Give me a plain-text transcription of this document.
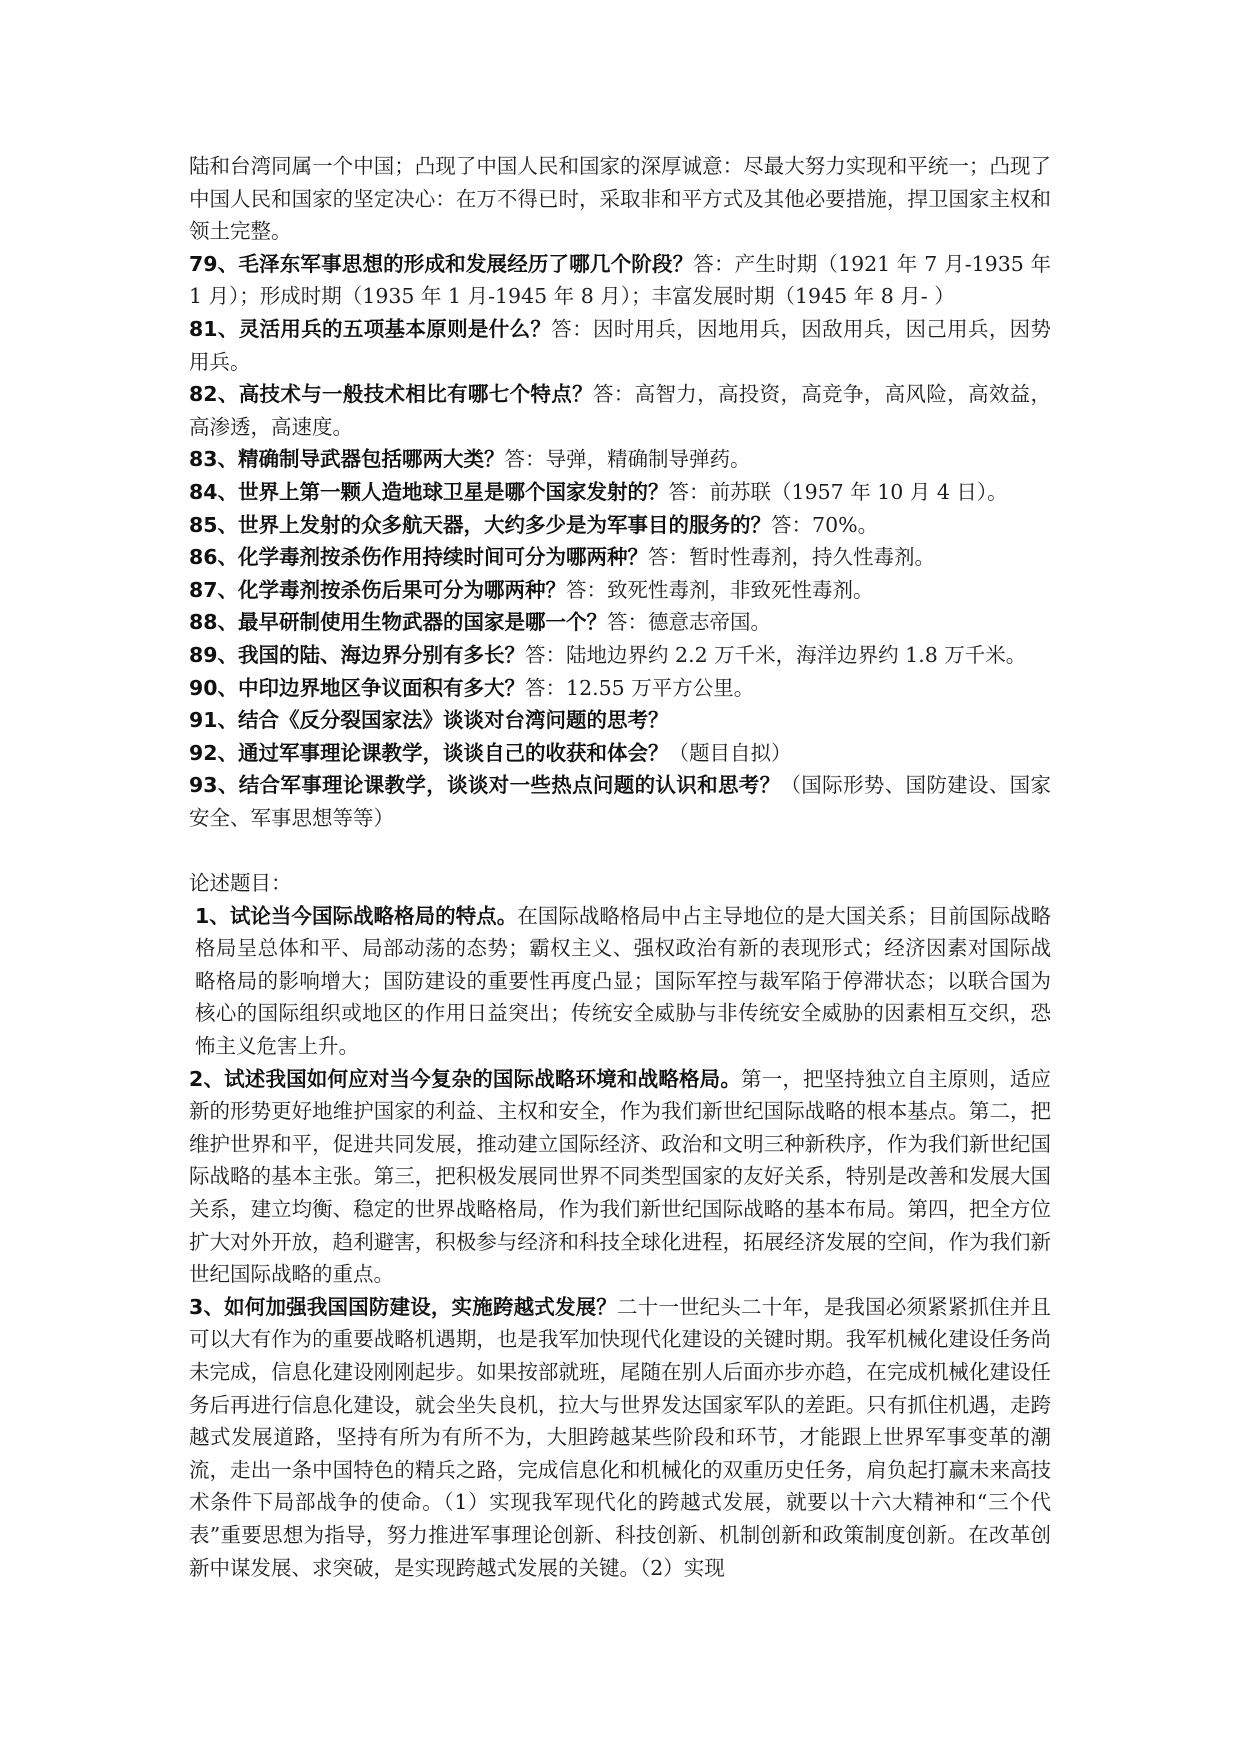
陆和台湾同属一个中国；凸现了中国人民和国家的深厚诚意：尽最大努力实现和平统一；凸现了中国人民和国家的坚定决心：在万不得已时，采取非和平方式及其他必要措施，捍卫国家主权和领土完整。

79、毛泽东军事思想的形成和发展经历了哪几个阶段？答：产生时期（1921 年 7 月-1935 年 1 月）；形成时期（1935 年 1 月-1945 年 8 月）；丰富发展时期（1945 年 8 月- ）

81、灵活用兵的五项基本原则是什么？答：因时用兵，因地用兵，因敌用兵，因己用兵，因势用兵。

82、高技术与一般技术相比有哪七个特点？答：高智力，高投资，高竞争，高风险，高效益，高渗透，高速度。

83、精确制导武器包括哪两大类？答：导弹，精确制导弹药。

84、世界上第一颗人造地球卫星是哪个国家发射的？答：前苏联（1957 年 10 月 4 日）。

85、世界上发射的众多航天器，大约多少是为军事目的服务的？答：70%。

86、化学毒剂按杀伤作用持续时间可分为哪两种？答：暂时性毒剂，持久性毒剂。

87、化学毒剂按杀伤后果可分为哪两种？答：致死性毒剂，非致死性毒剂。

88、最早研制使用生物武器的国家是哪一个？答：德意志帝国。

89、我国的陆、海边界分别有多长？答：陆地边界约 2.2 万千米，海洋边界约 1.8 万千米。

90、中印边界地区争议面积有多大？答：12.55 万平方公里。

91、结合《反分裂国家法》谈谈对台湾问题的思考？

92、通过军事理论课教学，谈谈自己的收获和体会？（题目自拟）

93、结合军事理论课教学，谈谈对一些热点问题的认识和思考？（国际形势、国防建设、国家安全、军事思想等等）

论述题目：

1、试论当今国际战略格局的特点。在国际战略格局中占主导地位的是大国关系；目前国际战略格局呈总体和平、局部动荡的态势；霸权主义、强权政治有新的表现形式；经济因素对国际战略格局的影响增大；国防建设的重要性再度凸显；国际军控与裁军陷于停滞状态；以联合国为核心的国际组织或地区的作用日益突出；传统安全威胁与非传统安全威胁的因素相互交织，恐怖主义危害上升。

2、试述我国如何应对当今复杂的国际战略环境和战略格局。第一，把坚持独立自主原则，适应新的形势更好地维护国家的利益、主权和安全，作为我们新世纪国际战略的根本基点。第二，把维护世界和平，促进共同发展，推动建立国际经济、政治和文明三种新秩序，作为我们新世纪国际战略的基本主张。第三，把积极发展同世界不同类型国家的友好关系，特别是改善和发展大国关系，建立均衡、稳定的世界战略格局，作为我们新世纪国际战略的基本布局。第四，把全方位扩大对外开放，趋利避害，积极参与经济和科技全球化进程，拓展经济发展的空间，作为我们新世纪国际战略的重点。

3、如何加强我国国防建设，实施跨越式发展？二十一世纪头二十年，是我国必须紧紧抓住并且可以大有作为的重要战略机遇期，也是我军加快现代化建设的关键时期。我军机械化建设任务尚未完成，信息化建设刚刚起步。如果按部就班，尾随在别人后面亦步亦趋，在完成机械化建设任务后再进行信息化建设，就会坐失良机，拉大与世界发达国家军队的差距。只有抓住机遇，走跨越式发展道路，坚持有所为有所不为，大胆跨越某些阶段和环节，才能跟上世界军事变革的潮流，走出一条中国特色的精兵之路，完成信息化和机械化的双重历史任务，肩负起打赢未来高技术条件下局部战争的使命。（1）实现我军现代化的跨越式发展，就要以十六大精神和“三个代表”重要思想为指导，努力推进军事理论创新、科技创新、机制创新和政策制度创新。在改革创新中谋发展、求突破，是实现跨越式发展的关键。（2）实现
